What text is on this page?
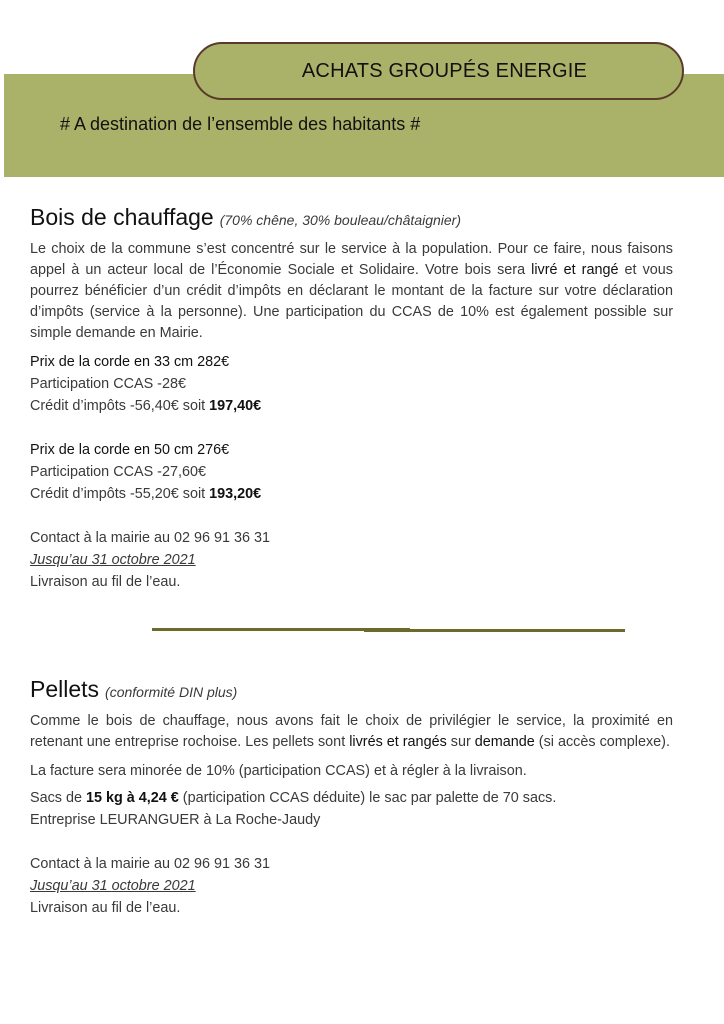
ACHATS GROUPÉS ENERGIE
# A destination de l’ensemble des habitants #
Bois de chauffage (70% chêne, 30% bouleau/châtaignier)

Le choix de la commune s’est concentré sur le service à la population. Pour ce faire, nous faisons appel à un acteur local de l’Économie Sociale et Solidaire. Votre bois sera livré et rangé et vous pourrez bénéficier d’un crédit d’impôts en déclarant le montant de la facture sur votre déclaration d’impôts (service à la personne). Une participation du CCAS de 10% est également possible sur simple demande en Mairie.

Prix de la corde en 33 cm 282€
Participation CCAS -28€
Crédit d’impôts -56,40€ soit 197,40€
Prix de la corde en 50 cm 276€
Participation CCAS -27,60€
Crédit d’impôts -55,20€ soit 193,20€
Contact à la mairie au 02 96 91 36 31
Jusqu’au 31 octobre 2021
Livraison au fil de l’eau.
Pellets (conformité DIN plus)

Comme le bois de chauffage, nous avons fait le choix de privilégier le service, la proximité en retenant une entreprise rochoise. Les pellets sont livrés et rangés sur demande (si accès complexe).

La facture sera minorée de 10% (participation CCAS) et à régler à la livraison.
Sacs de 15 kg à 4,24 € (participation CCAS déduite) le sac par palette de 70 sacs.
Entreprise LEURANGUER à La Roche-Jaudy
Contact à la mairie au 02 96 91 36 31
Jusqu’au 31 octobre 2021
Livraison au fil de l’eau.
